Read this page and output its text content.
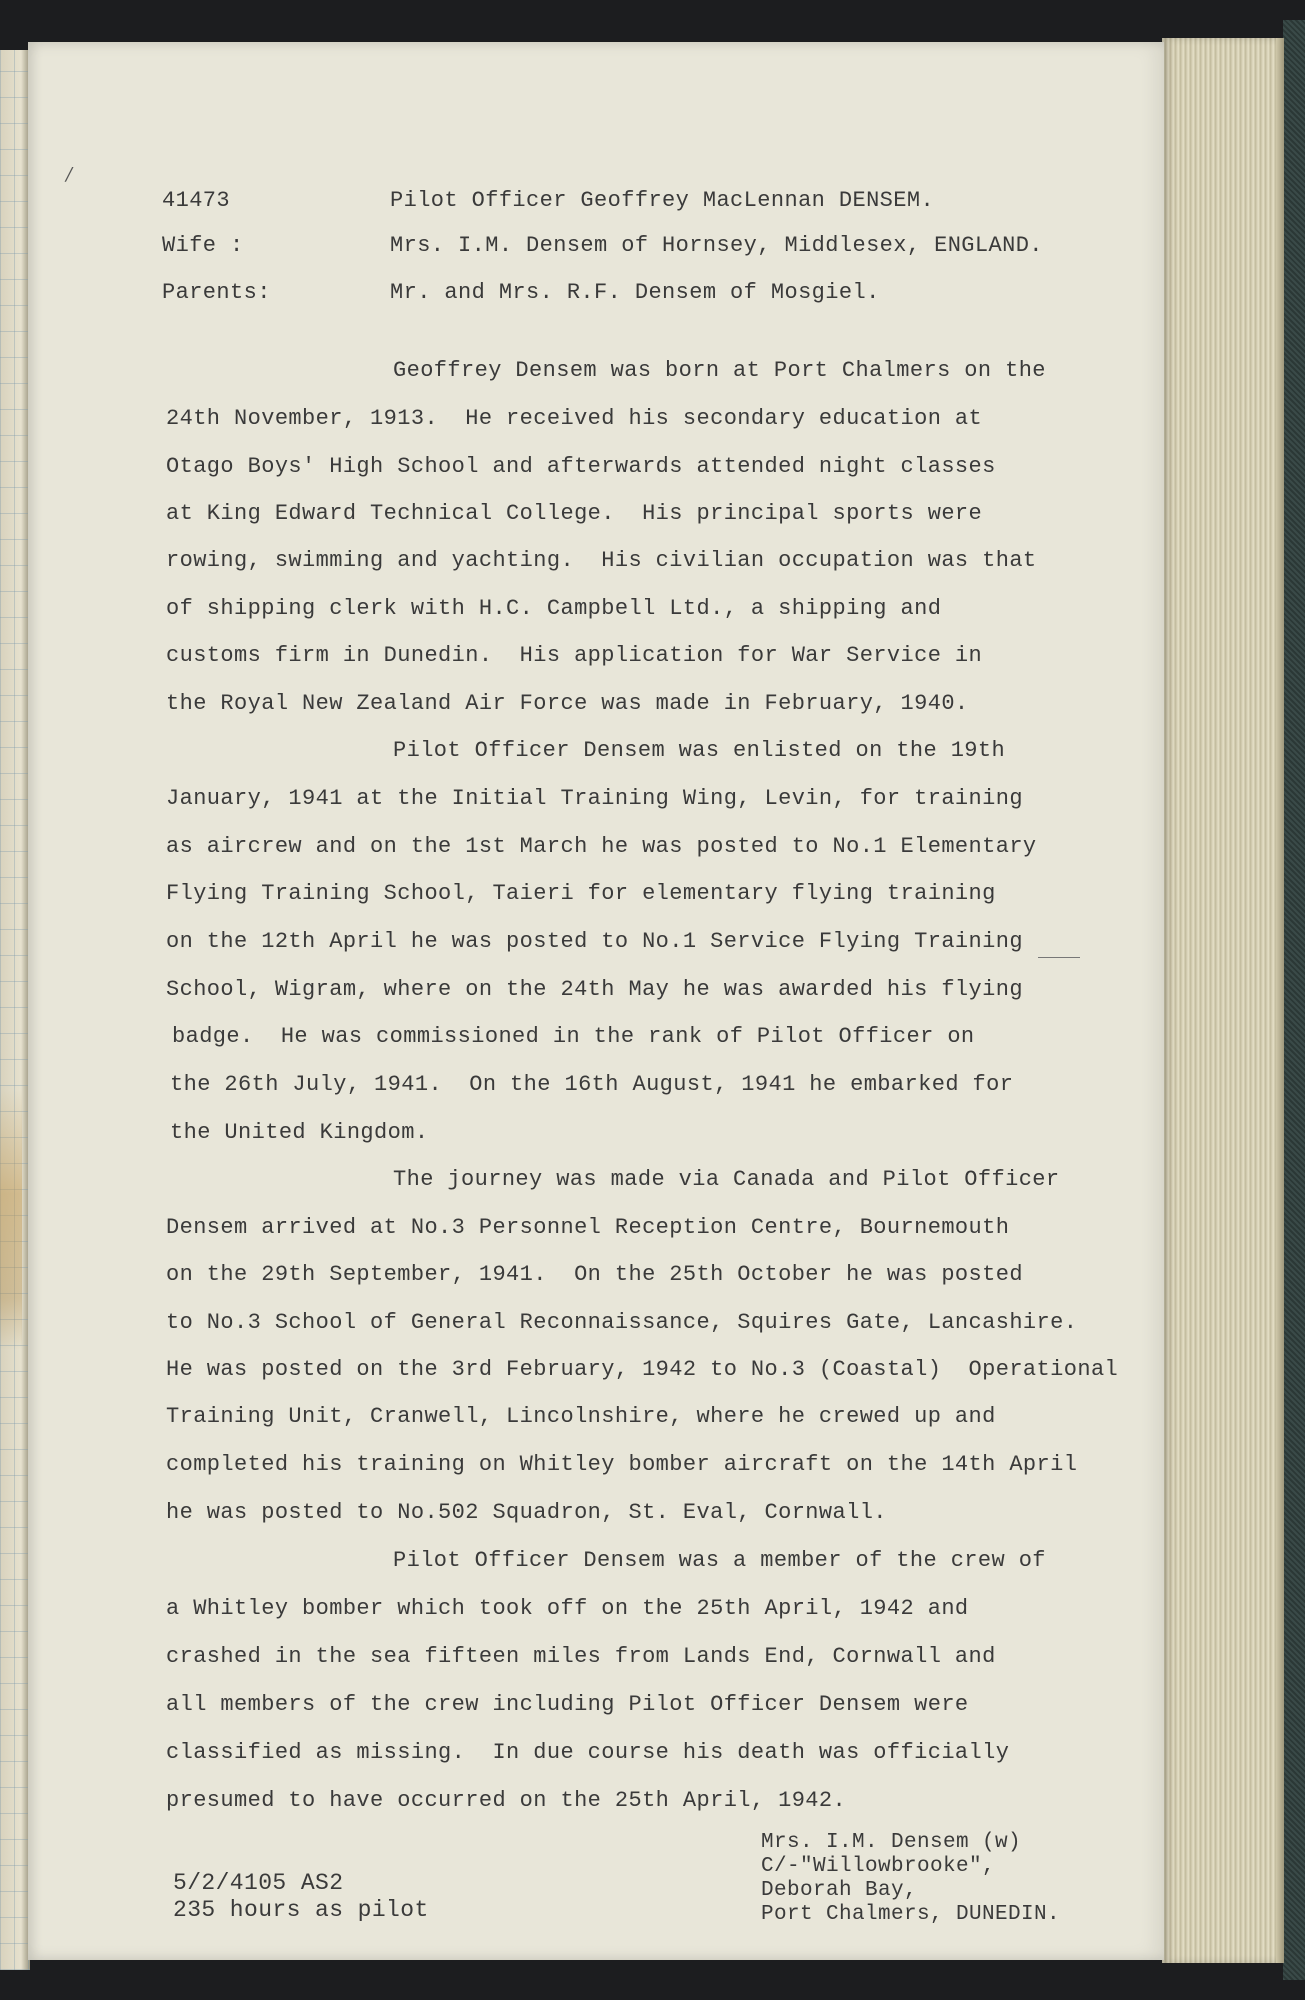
/
41473	Pilot Officer Geoffrey MacLennan DENSEM.
Wife :	Mrs. I.M. Densem of Hornsey, Middlesex, ENGLAND.
Parents:	Mr. and Mrs. R.F. Densem of Mosgiel.
Geoffrey Densem was born at Port Chalmers on the
24th November, 1913.  He received his secondary education at
Otago Boys' High School and afterwards attended night classes
at King Edward Technical College.  His principal sports were
rowing, swimming and yachting.  His civilian occupation was that
of shipping clerk with H.C. Campbell Ltd., a shipping and
customs firm in Dunedin.  His application for War Service in
the Royal New Zealand Air Force was made in February, 1940.
Pilot Officer Densem was enlisted on the 19th
January, 1941 at the Initial Training Wing, Levin, for training
as aircrew and on the 1st March he was posted to No.1 Elementary
Flying Training School, Taieri for elementary flying training
on the 12th April he was posted to No.1 Service Flying Training
School, Wigram, where on the 24th May he was awarded his flying
badge.  He was commissioned in the rank of Pilot Officer on
the 26th July, 1941.  On the 16th August, 1941 he embarked for
the United Kingdom.
The journey was made via Canada and Pilot Officer
Densem arrived at No.3 Personnel Reception Centre, Bournemouth
on the 29th September, 1941.  On the 25th October he was posted
to No.3 School of General Reconnaissance, Squires Gate, Lancashire.
He was posted on the 3rd February, 1942 to No.3 (Coastal)  Operational
Training Unit, Cranwell, Lincolnshire, where he crewed up and
completed his training on Whitley bomber aircraft on the 14th April
he was posted to No.502 Squadron, St. Eval, Cornwall.
Pilot Officer Densem was a member of the crew of
a Whitley bomber which took off on the 25th April, 1942 and
crashed in the sea fifteen miles from Lands End, Cornwall and
all members of the crew including Pilot Officer Densem were
classified as missing.  In due course his death was officially
presumed to have occurred on the 25th April, 1942.
5/2/4105 AS2
235 hours as pilot
Mrs. I.M. Densem (w)
C/-"Willowbrooke",
Deborah Bay,
Port Chalmers, DUNEDIN.
